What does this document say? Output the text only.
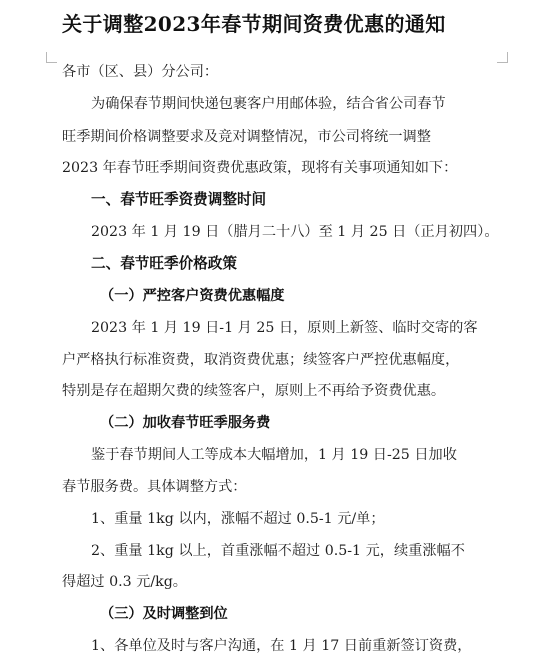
关于调整2023年春节期间资费优惠的通知
各市（区、县）分公司：
为确保春节期间快递包裹客户用邮体验，结合省公司春节
旺季期间价格调整要求及竞对调整情况，市公司将统一调整
2023 年春节旺季期间资费优惠政策，现将有关事项通知如下：
一、春节旺季资费调整时间
2023 年 1 月 19 日（腊月二十八）至 1 月 25 日（正月初四）。
二、春节旺季价格政策
（一）严控客户资费优惠幅度
2023 年 1 月 19 日-1 月 25 日，原则上新签、临时交寄的客
户严格执行标准资费，取消资费优惠；续签客户严控优惠幅度，
特别是存在超期欠费的续签客户，原则上不再给予资费优惠。
（二）加收春节旺季服务费
鉴于春节期间人工等成本大幅增加，1 月 19 日-25 日加收
春节服务费。具体调整方式：
1、重量 1kg 以内，涨幅不超过 0.5-1 元/单；
2、重量 1kg 以上，首重涨幅不超过 0.5-1 元，续重涨幅不
得超过 0.3 元/kg。
（三）及时调整到位
1、各单位及时与客户沟通，在 1 月 17 日前重新签订资费，
